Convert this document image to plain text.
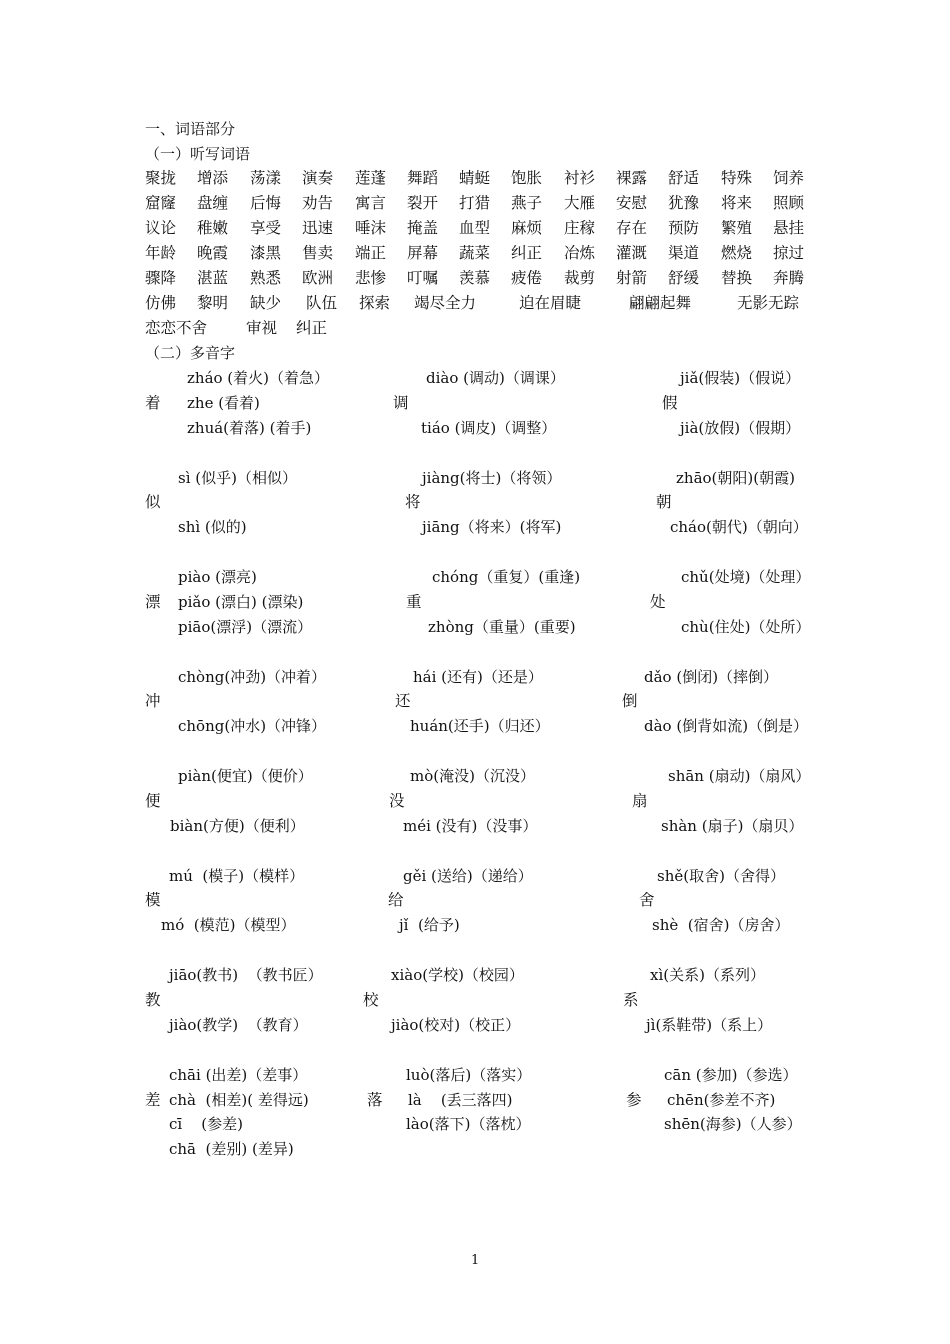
一、词语部分
（一）听写词语
聚拢 增添 荡漾 演奏 莲蓬 舞蹈 蜻蜓 饱胀 衬衫 裸露 舒适 特殊 饲养
窟窿 盘缠 后悔 劝告 寓言 裂开 打猎 燕子 大雁 安慰 犹豫 将来 照顾
议论 稚嫩 享受 迅速 唾沫 掩盖 血型 麻烦 庄稼 存在 预防 繁殖 悬挂
年龄 晚霞 漆黑 售卖 端正 屏幕 蔬菜 纠正 冶炼 灌溉 渠道 燃烧 掠过
骤降 湛蓝 熟悉 欧洲 悲惨 叮嘱 羡慕 疲倦 裁剪 射箭 舒缓 替换 奔腾
仿佛 黎明 缺少 队伍 探索 竭尽全力	迫在眉睫	翩翩起舞	无影无踪
恋恋不舍	审视 纠正
（二）多音字
着
zháo (着火)（着急）
zhe (看着)
zhuá(着落) (着手)
调
diào (调动)（调课）
tiáo (调皮)（调整）
假
jiǎ(假装)（假说）
jià(放假)（假期）
似
sì (似乎)（相似）
shì (似的)
将
jiàng(将士)（将领）
jiāng（将来）(将军)
朝
zhāo(朝阳)(朝霞)
cháo(朝代)（朝向）
漂
piào (漂亮)
piǎo (漂白) (漂染)
piāo(漂浮)（漂流）
重
chóng（重复）(重逢)
zhòng（重量）(重要)
处
chǔ(处境)（处理）
chù(住处)（处所）
冲
chòng(冲劲)（冲着）
chōng(冲水)（冲锋）
还
hái (还有)（还是）
huán(还手)（归还）
倒
dǎo (倒闭)（摔倒）
dào (倒背如流)（倒是）
便
piàn(便宜)（便价）
biàn(方便)（便利）
没
mò(淹没)（沉没）
méi (没有)（没事）
扇
shān (扇动)（扇风）
shàn (扇子)（扇贝）
模
mú  (模子)（模样）
mó  (模范)（模型）
给
gěi (送给)（递给）
jǐ  (给予)
舍
shě(取舍)（舍得）
shè  (宿舍)（房舍）
教
jiāo(教书)  （教书匠）
jiào(教学)  （教育）
校
xiào(学校)（校园）
jiào(校对)（校正）
系
xì(关系)（系列）
jì(系鞋带)（系上）
差
chāi (出差)（差事）
chà  (相差)( 差得远)
cī    (参差)
chā  (差别) (差异)
落
luò(落后)（落实）
là    (丢三落四)
lào(落下)（落枕）
参
cān (参加)（参选）
chēn(参差不齐)
shēn(海参)（人参）
1
